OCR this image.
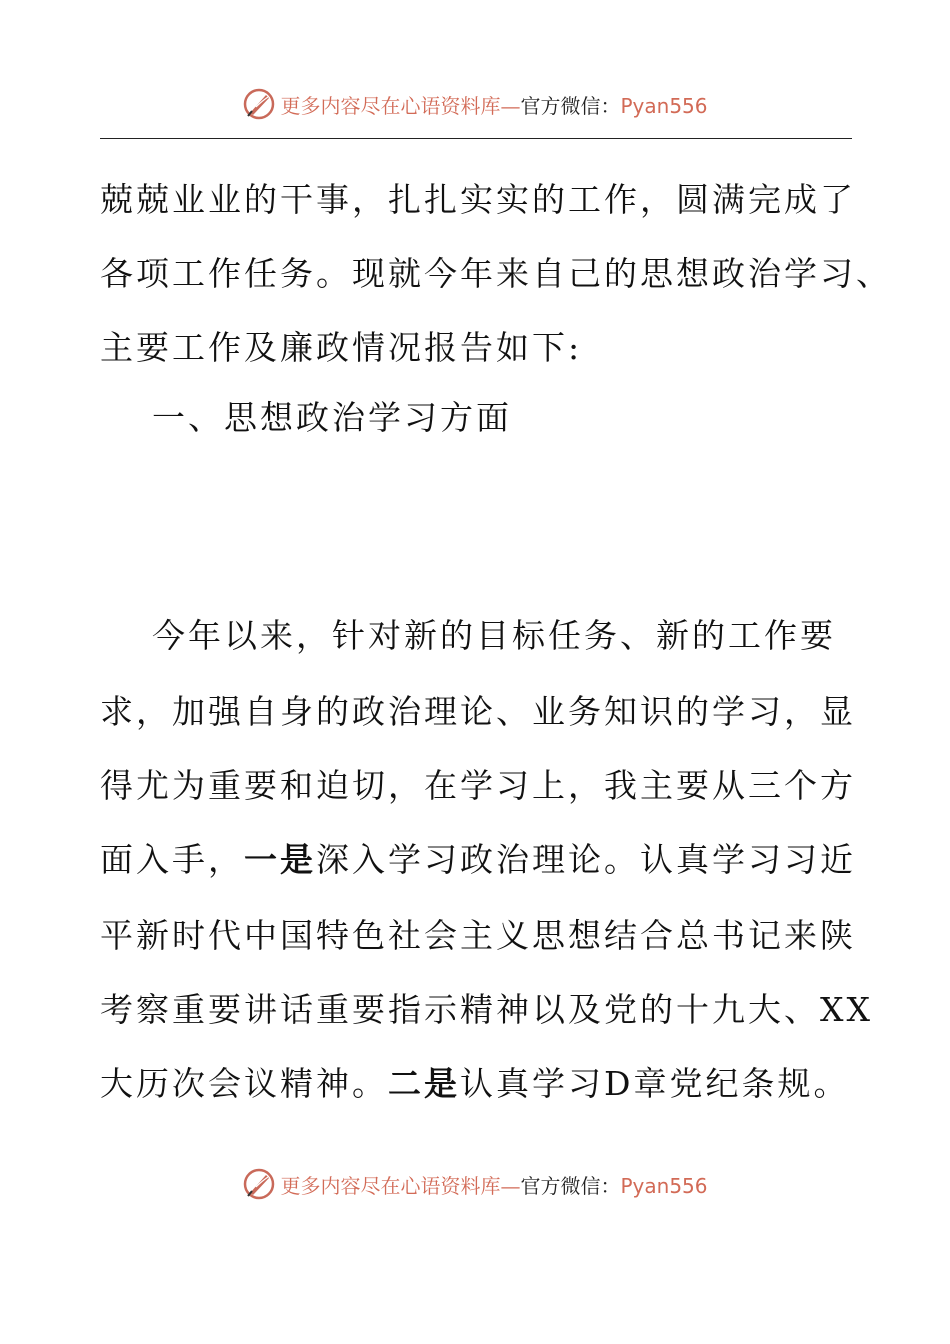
更多内容尽在心语资料库—官方微信：Pyan556
兢兢业业的干事，扎扎实实的工作，圆满完成了
各项工作任务。现就今年来自己的思想政治学习、
主要工作及廉政情况报告如下:
一、思想政治学习方面
今年以来，针对新的目标任务、新的工作要
求，加强自身的政治理论、业务知识的学习，显
得尤为重要和迫切，在学习上，我主要从三个方
面入手，一是深入学习政治理论。认真学习习近
平新时代中国特色社会主义思想结合总书记来陕
考察重要讲话重要指示精神以及党的十九大、XX
大历次会议精神。二是认真学习D章党纪条规。
更多内容尽在心语资料库—官方微信：Pyan556
